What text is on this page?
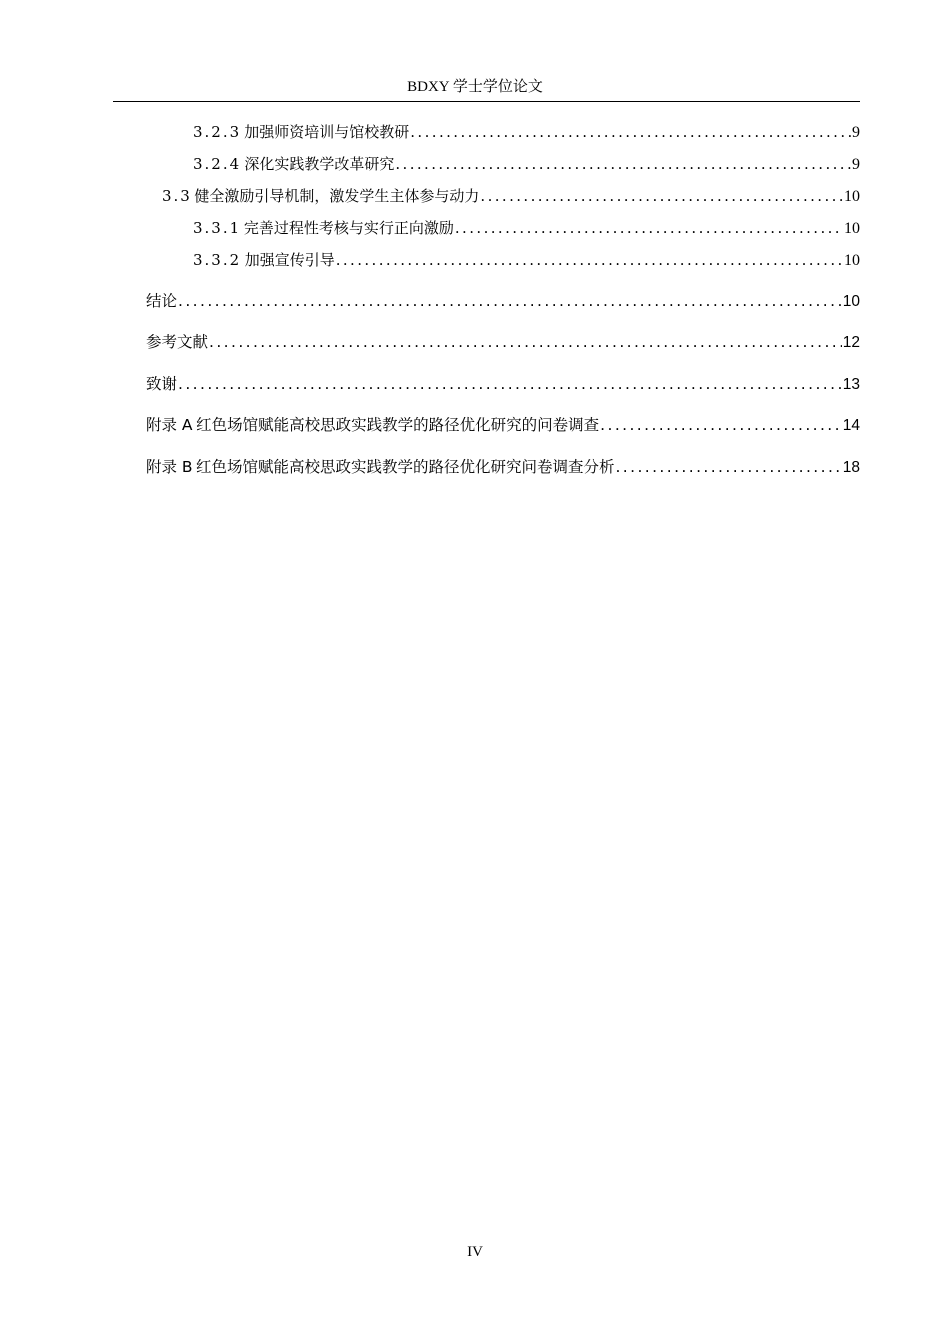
BDXY 学士学位论文
3.2.3 加强师资培训与馆校教研 .....	9
3.2.4 深化实践教学改革研究 .....	9
3.3 健全激励引导机制，激发学生主体参与动力 .....	10
3.3.1 完善过程性考核与实行正向激励 .....	10
3.3.2 加强宣传引导 .....	10
结论 .....	10
参考文献 .....	12
致谢 .....	13
附录 A 红色场馆赋能高校思政实践教学的路径优化研究的问卷调查 .....	14
附录 B 红色场馆赋能高校思政实践教学的路径优化研究问卷调查分析 .....	18
IV
